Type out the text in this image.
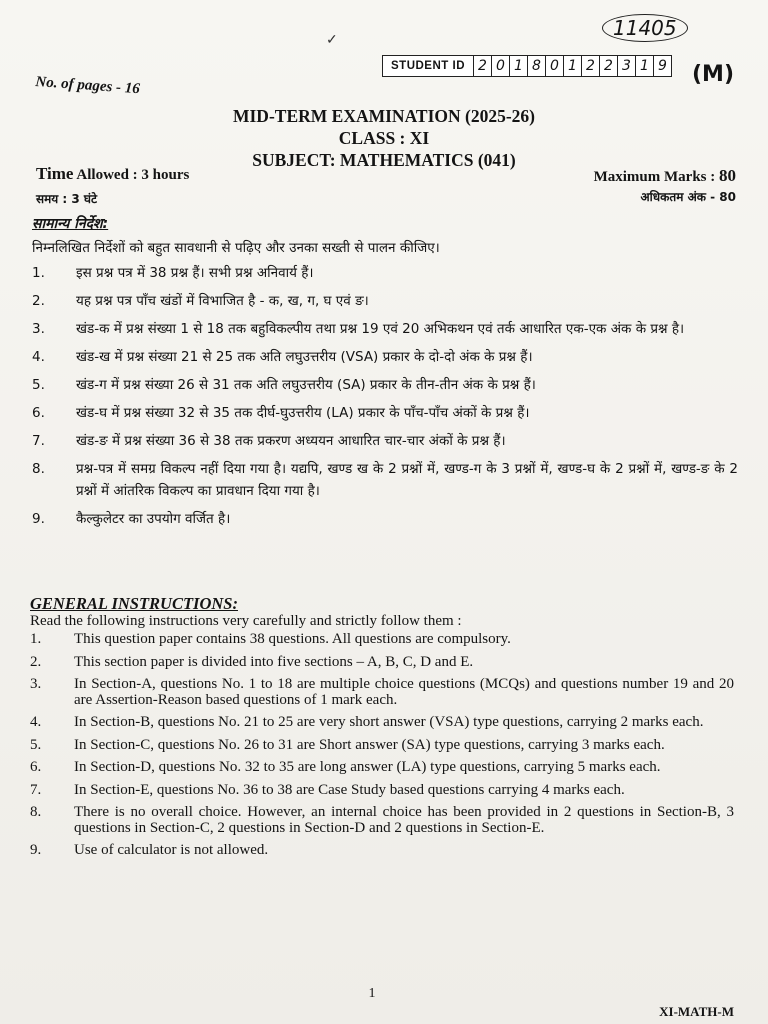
✓
11405
STUDENT ID 2 0 1 8 0 1 2 2 3 1 9 (M)
No. of pages - 16
MID-TERM EXAMINATION (2025-26)
CLASS : XI
SUBJECT: MATHEMATICS (041)
Time Allowed : 3 hours	Maximum Marks : 80
समय : 3 घंटे	अधिकतम अंक - 80
सामान्य निर्देश:
निम्नलिखित निर्देशों को बहुत सावधानी से पढ़िए और उनका सख्ती से पालन कीजिए।
1.	इस प्रश्न पत्र में 38 प्रश्न हैं। सभी प्रश्न अनिवार्य हैं।
2.	यह प्रश्न पत्र पाँच खंडों में विभाजित है - क, ख, ग, घ एवं ङ।
3.	खंड-क में प्रश्न संख्या 1 से 18 तक बहुविकल्पीय तथा प्रश्न 19 एवं 20 अभिकथन एवं तर्क आधारित एक-एक अंक के प्रश्न है।
4.	खंड-ख में प्रश्न संख्या 21 से 25 तक अति लघुउत्तरीय (VSA) प्रकार के दो-दो अंक के प्रश्न हैं।
5.	खंड-ग में प्रश्न संख्या 26 से 31 तक अति लघुउत्तरीय (SA) प्रकार के तीन-तीन अंक के प्रश्न हैं।
6.	खंड-घ में प्रश्न संख्या 32 से 35 तक दीर्घ-घुउत्तरीय (LA) प्रकार के पाँच-पाँच अंकों के प्रश्न हैं।
7.	खंड-ङ में प्रश्न संख्या 36 से 38 तक प्रकरण अध्ययन आधारित चार-चार अंकों के प्रश्न हैं।
8.	प्रश्न-पत्र में समग्र विकल्प नहीं दिया गया है। यद्यपि, खण्ड ख के 2 प्रश्नों में, खण्ड-ग के 3 प्रश्नों में, खण्ड-घ के 2 प्रश्नों में, खण्ड-ङ के 2 प्रश्नों में आंतरिक विकल्प का प्रावधान दिया गया है।
9.	कैल्कुलेटर का उपयोग वर्जित है।
GENERAL INSTRUCTIONS:
Read the following instructions very carefully and strictly follow them :
1.	This question paper contains 38 questions. All questions are compulsory.
2.	This section paper is divided into five sections – A, B, C, D and E.
3.	In Section-A, questions No. 1 to 18 are multiple choice questions (MCQs) and questions number 19 and 20 are Assertion-Reason based questions of 1 mark each.
4.	In Section-B, questions No. 21 to 25 are very short answer (VSA) type questions, carrying 2 marks each.
5.	In Section-C, questions No. 26 to 31 are Short answer (SA) type questions, carrying 3 marks each.
6.	In Section-D, questions No. 32 to 35 are long answer (LA) type questions, carrying 5 marks each.
7.	In Section-E, questions No. 36 to 38 are Case Study based questions carrying 4 marks each.
8.	There is no overall choice. However, an internal choice has been provided in 2 questions in Section-B, 3 questions in Section-C, 2 questions in Section-D and 2 questions in Section-E.
9.	Use of calculator is not allowed.
1
XI-MATH-M
